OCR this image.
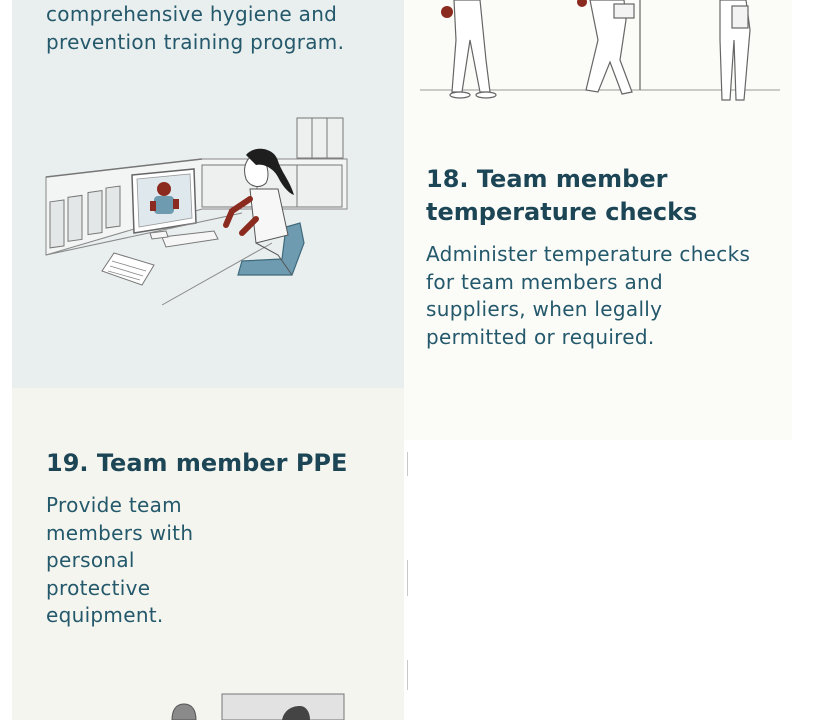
comprehensive hygiene and
prevention training program.

18. Team member
temperature checks

Administer temperature checks
for team members and
suppliers, when legally
permitted or required.

19. Team member PPE

Provide team
members with
personal
protective
equipment.
